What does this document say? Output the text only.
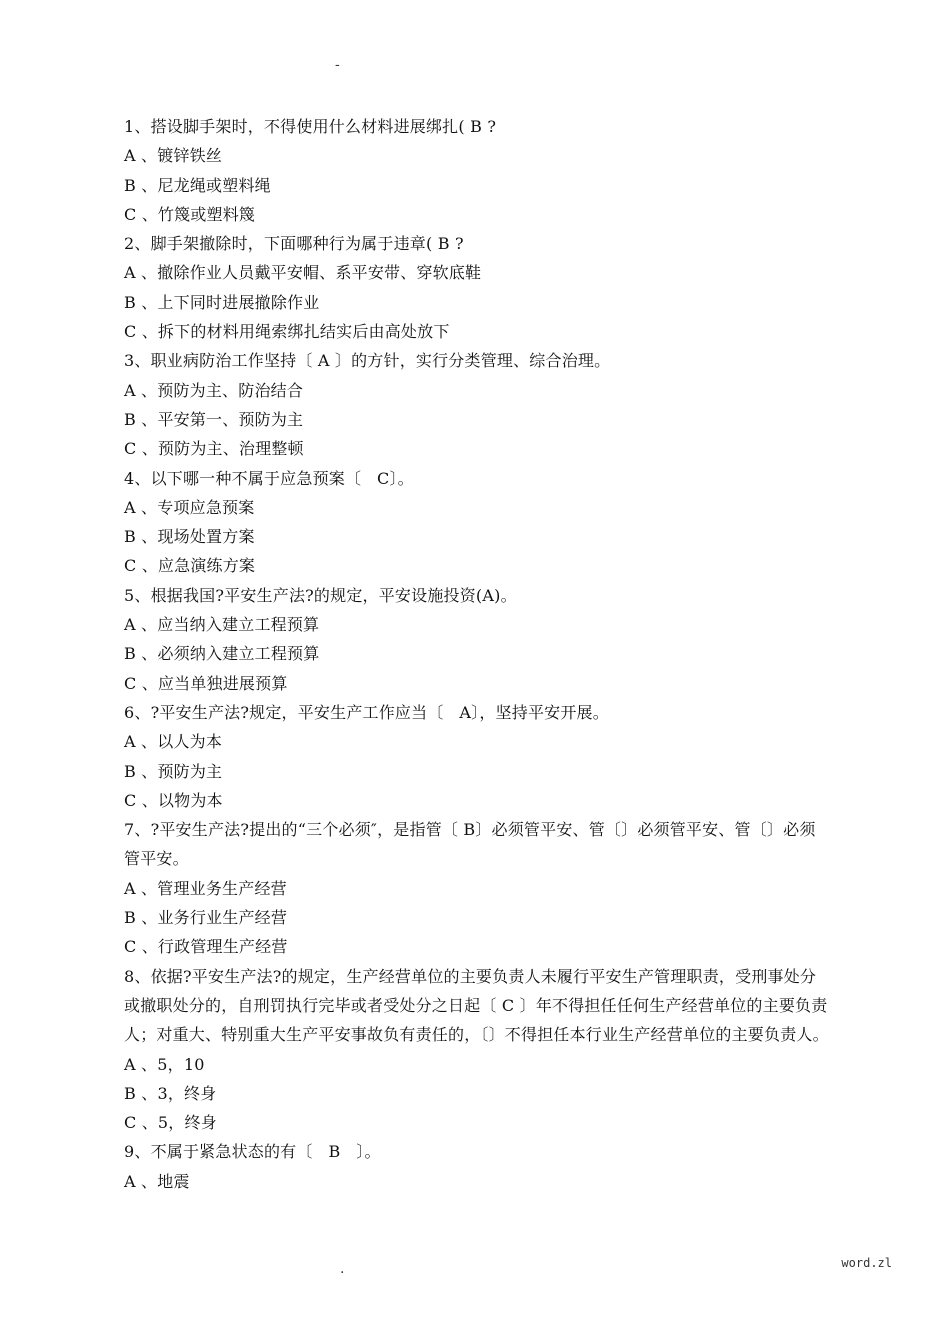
-
1、搭设脚手架时，不得使用什么材料进展绑扎( B ?
A 、镀锌铁丝
B 、尼龙绳或塑料绳
C 、竹篾或塑料篾
2、脚手架撤除时，下面哪种行为属于违章( B ?
A 、撤除作业人员戴平安帽、系平安带、穿软底鞋
B 、上下同时进展撤除作业
C 、拆下的材料用绳索绑扎结实后由高处放下
3、职业病防治工作坚持〔 A 〕的方针，实行分类管理、综合治理。
A 、预防为主、防治结合
B 、平安第一、预防为主
C 、预防为主、治理整顿
4、以下哪一种不属于应急预案〔   C〕。
A 、专项应急预案
B 、现场处置方案
C 、应急演练方案
5、根据我国?平安生产法?的规定，平安设施投资(A)。
A 、应当纳入建立工程预算
B 、必须纳入建立工程预算
C 、应当单独进展预算
6、?平安生产法?规定，平安生产工作应当〔   A〕，坚持平安开展。
A 、以人为本
B 、预防为主
C 、以物为本
7、?平安生产法?提出的“三个必须″，是指管〔 B〕必须管平安、管〔〕必须管平安、管〔〕必须管平安。
A 、管理业务生产经营
B 、业务行业生产经营
C 、行政管理生产经营
8、依据?平安生产法?的规定，生产经营单位的主要负责人未履行平安生产管理职责，受刑事处分或撤职处分的，自刑罚执行完毕或者受处分之日起〔 C 〕年不得担任任何生产经营单位的主要负责人；对重大、特别重大生产平安事故负有责任的，〔〕不得担任本行业生产经营单位的主要负责人。
A 、5，10
B 、3，终身
C 、5，终身
9、不属于紧急状态的有〔   B   〕。
A 、地震
.	word.zl
